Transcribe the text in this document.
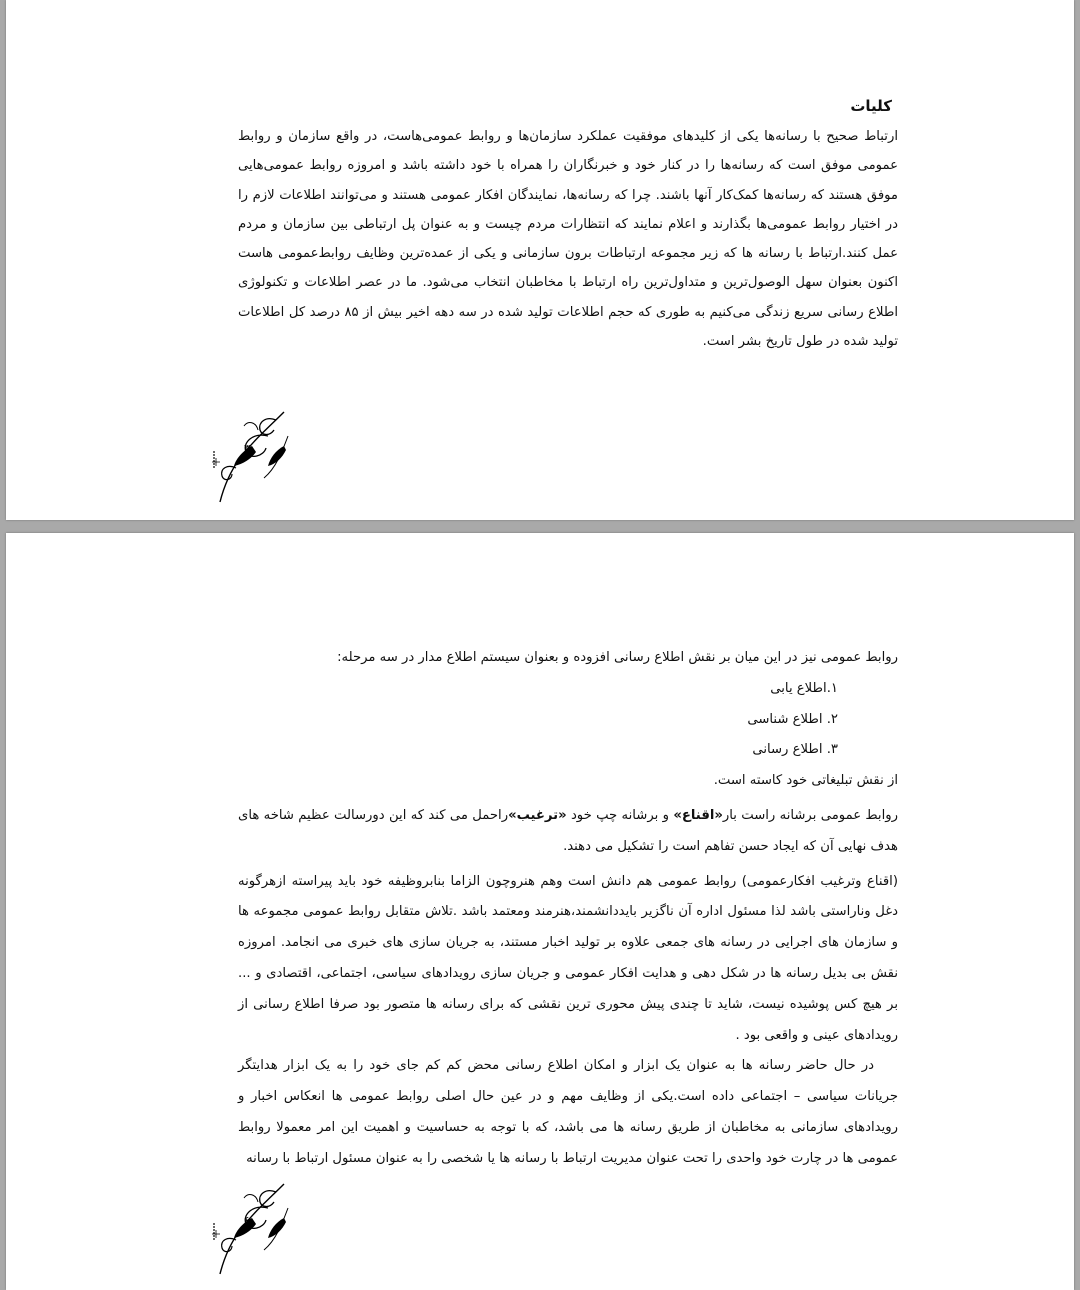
کلیات

ارتباط صحیح با رسانه‌ها یکی از کلیدهای موفقیت عملکرد سازمان‌ها و روابط عمومی‌هاست، در واقع سازمان و روابط عمومی موفق است که رسانه‌ها را در کنار خود و خبرنگاران را همراه با خود داشته باشد و امروزه روابط عمومی‌هایی موفق هستند که رسانه‌ها کمک‌کار آنها باشند. چرا که رسانه‌ها، نمایندگان افکار عمومی هستند و می‌توانند اطلاعات لازم را در اختیار روابط عمومی‌ها بگذارند و اعلام نمایند که انتظارات مردم چیست و به عنوان پل ارتباطی بین سازمان و مردم عمل کنند.ارتباط با رسانه ها که زیر مجموعه ارتباطات برون سازمانی و یکی از عمده‌ترین وظایف روابط‌عمومی هاست اکنون بعنوان سهل الوصول‌ترین و متداول‌ترین راه ارتباط با مخاطبان انتخاب می‌شود. ما در عصر اطلاعات و تکنولوژی اطلاع رسانی سریع زندگی می‌کنیم به طوری که حجم اطلاعات تولید شده در سه دهه اخیر بیش از ۸۵ درصد کل اطلاعات تولید شده در طول تاریخ بشر است.

۳

روابط عمومی نیز در این میان بر نقش اطلاع رسانی افزوده و بعنوان سیستم اطلاع مدار در سه مرحله:

۱.اطلاع یابی

۲. اطلاع شناسی

۳. اطلاع رسانی

از نقش تبلیغاتی خود کاسته است.

روابط عمومی برشانه راست بار«اقناع» و برشانه چپ خود «ترغیب»راحمل می کند که این دورسالت عظیم شاخه های هدف نهایی آن که ایجاد حسن تفاهم است را تشکیل می دهند.

(اقناع وترغیب افکارعمومی) روابط عمومی هم دانش است وهم هنروچون الزاما بنابروظیفه خود باید پیراسته ازهرگونه دغل وناراستی باشد لذا مسئول اداره آن ناگزیر بایددانشمند،هنرمند ومعتمد باشد .تلاش متقابل روابط عمومی مجموعه ها و سازمان های اجرایی در رسانه های جمعی علاوه بر تولید اخبار مستند، به جریان سازی های خبری می انجامد. امروزه نقش بی بدیل رسانه ها در شکل دهی و هدایت افکار عمومی و جریان سازی رویدادهای سیاسی، اجتماعی، اقتصادی و ... بر هیچ کس پوشیده نیست، شاید تا چندی پیش محوری ترین نقشی که برای رسانه ها متصور بود صرفا اطلاع رسانی از رویدادهای عینی و واقعی بود .

در حال حاضر رسانه ها به عنوان یک ابزار و امکان اطلاع رسانی محض کم کم جای خود را به یک ابزار هدایتگر جریانات سیاسی – اجتماعی داده است.یکی از وظایف مهم و در عین حال اصلی روابط عمومی ها انعکاس اخبار و رویدادهای سازمانی به مخاطبان از طریق رسانه ها می باشد، که با توجه به حساسیت و اهمیت این امر معمولا روابط عمومی ها در چارت خود واحدی را تحت عنوان مدیریت ارتباط با رسانه ها یا شخصی را به عنوان مسئول ارتباط با رسانه

٤
